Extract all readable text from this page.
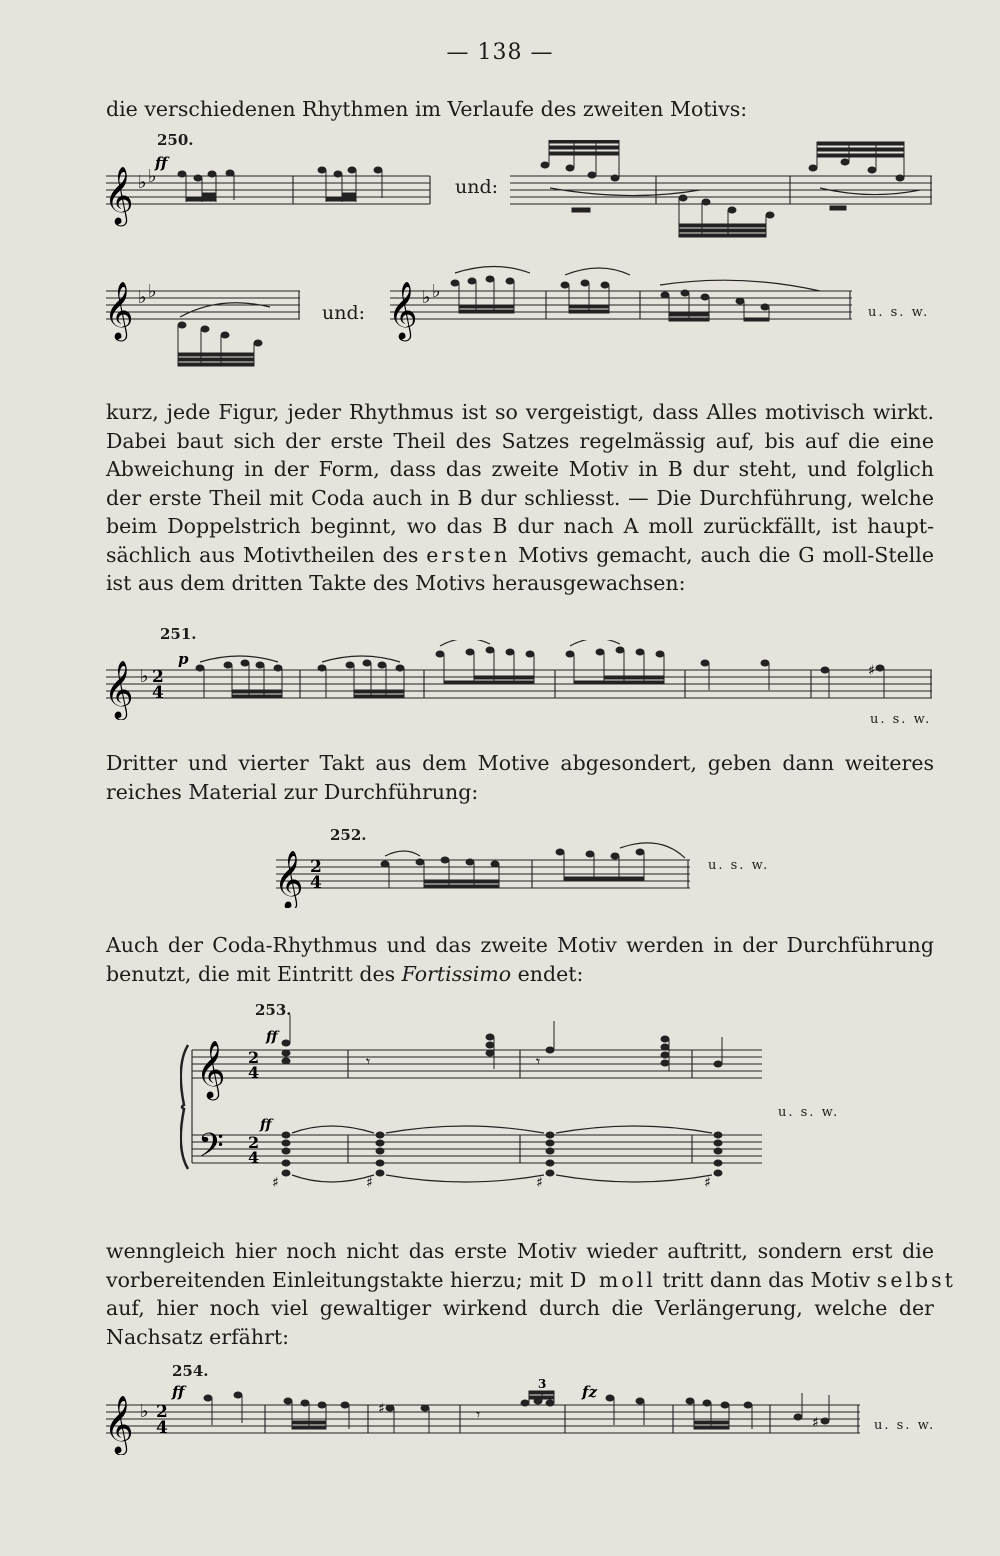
— 138 —
die verschiedenen Rhythmen im Verlaufe des zweiten Motivs:
250.
𝄞 ♭ ♭
ff
und:
𝄞 ♭ ♭	𝄞 ♭ ♭
und:	u. s. w.
kurz, jede Figur, jeder Rhythmus ist so vergeistigt, dass Alles motivisch wirkt.
Dabei baut sich der erste Theil des Satzes regelmässig auf, bis auf die eine
Abweichung in der Form, dass das zweite Motiv in B dur steht, und folglich
der erste Theil mit Coda auch in B dur schliesst. — Die Durchführung, welche
beim Doppelstrich beginnt, wo das B dur nach A moll zurückfällt, ist haupt-
sächlich aus Motivtheilen des ersten Motivs gemacht, auch die G moll-Stelle
ist aus dem dritten Takte des Motivs herausgewachsen:
251.
𝄞 ♭ 2
4
p
♯
u. s. w.
Dritter und vierter Takt aus dem Motive abgesondert, geben dann weiteres
reiches Material zur Durchführung:
252.
𝄞 2
4
u. s. w.
Auch der Coda-Rhythmus und das zweite Motiv werden in der Durchführung
benutzt, die mit Eintritt des Fortissimo endet:
253.
𝄞
𝄢
2
4
2
4
ff
ff
𝄾	𝄾
♯	♯	♯	♯
u. s. w.
wenngleich hier noch nicht das erste Motiv wieder auftritt, sondern erst die
vorbereitenden Einleitungstakte hierzu; mit D moll tritt dann das Motiv selbst
auf, hier noch viel gewaltiger wirkend durch die Verlängerung, welche der
Nachsatz erfährt:
254.
𝄞 ♭ 2
4
ff	fz
3
𝄾
♯
♯	u. s. w.
